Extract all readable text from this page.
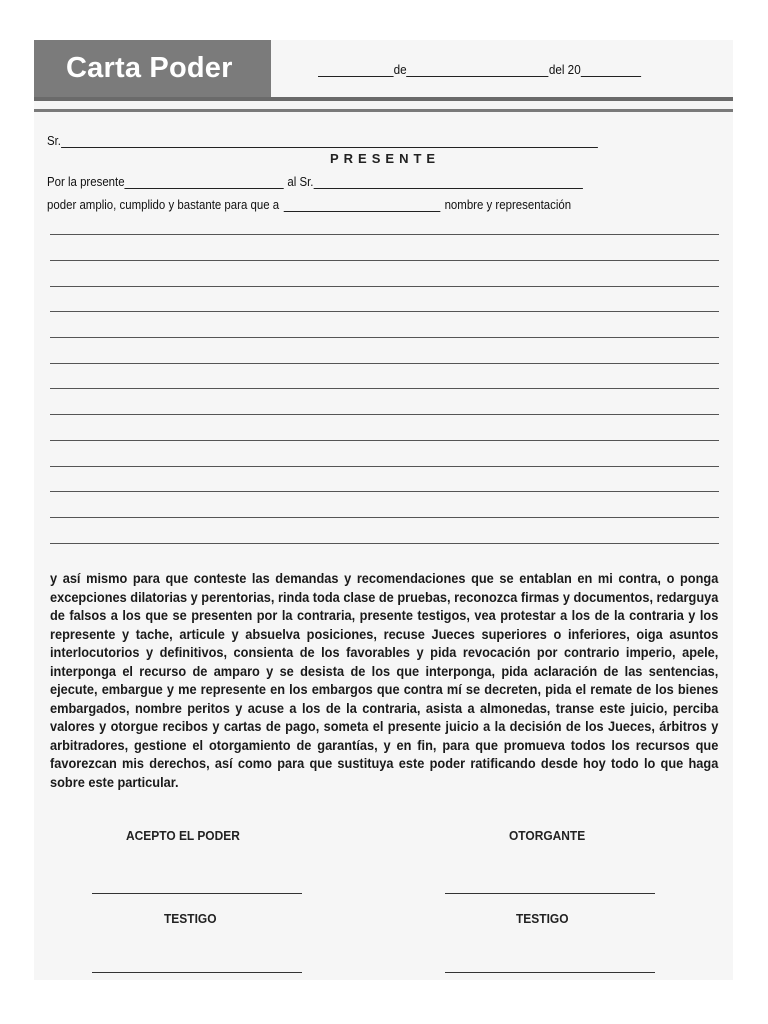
Carta Poder	de	del 20
Sr.
PRESENTE
Por la presente	al Sr.
poder amplio, cumplido y bastante para que a	nombre y representación
y así mismo para que conteste las demandas y recomendaciones que se entablan en mi contra, o ponga excepciones dilatorias y perentorias, rinda toda clase de pruebas, reconozca firmas y documentos, redarguya de falsos a los que se presenten por la contraria, presente testigos, vea protestar a los de la contraria y los represente y tache, articule y absuelva posiciones, recuse Jueces superiores o inferiores, oiga asuntos interlocutorios y definitivos, consienta de los favorables y pida revocación por contrario imperio, apele, interponga el recurso de amparo y se desista de los que interponga, pida aclaración de las sentencias, ejecute, embargue y me represente en los embargos que contra mí se decreten, pida el remate de los bienes embargados, nombre peritos y acuse a los de la contraria, asista a almonedas, transe este juicio, perciba valores y otorgue recibos y cartas de pago, someta el presente juicio a la decisión de los Jueces, árbitros y arbitradores, gestione el otorgamiento de garantías, y en fin, para que promueva todos los recursos que favorezcan mis derechos, así como para que sustituya este poder ratificando desde hoy todo lo que haga sobre este particular.
ACEPTO EL PODER	OTORGANTE
TESTIGO	TESTIGO
